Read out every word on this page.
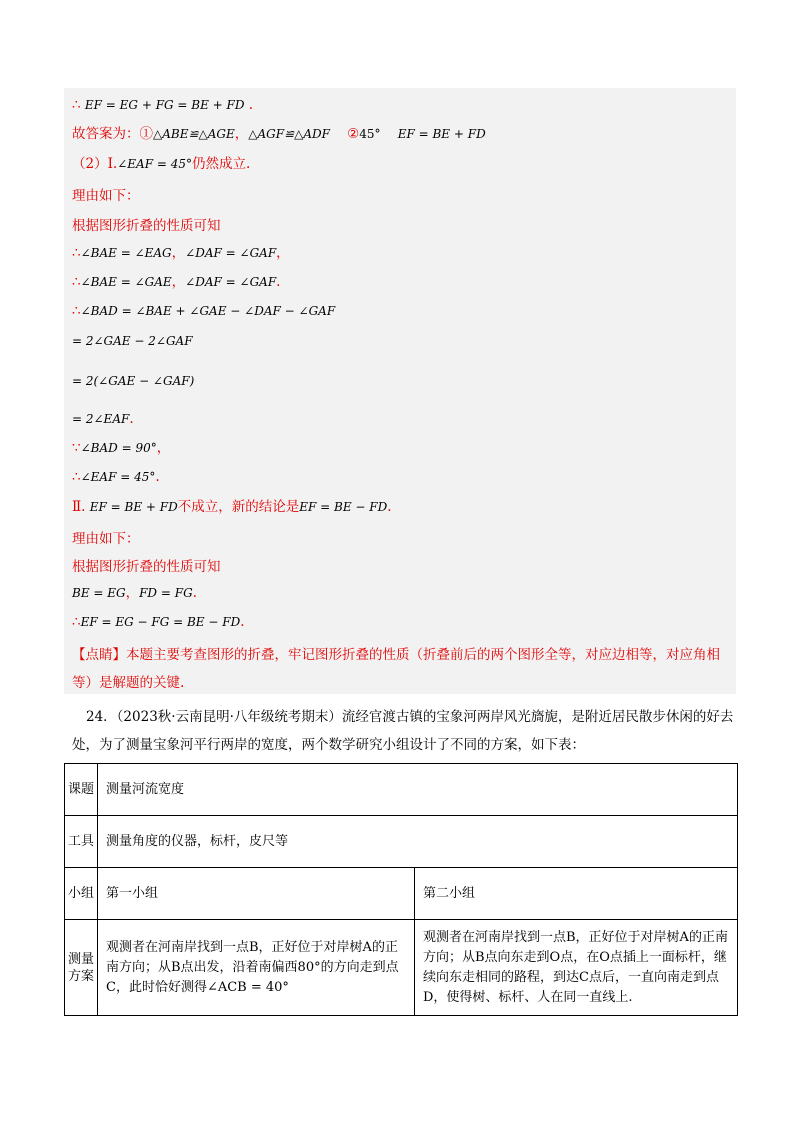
∴ EF = EG + FG = BE + FD .
故答案为：①△ABE≌△AGE，△AGF≌△ADF ②45° EF = BE + FD
（2）Ⅰ.∠EAF = 45°仍然成立.
理由如下：
根据图形折叠的性质可知
∴∠BAE = ∠EAG，∠DAF = ∠GAF，
∴∠BAE = ∠GAE，∠DAF = ∠GAF.
∴∠BAD = ∠BAE + ∠GAE − ∠DAF − ∠GAF
= 2∠GAE − 2∠GAF
= 2(∠GAE − ∠GAF)
= 2∠EAF.
∵∠BAD = 90°，
∴∠EAF = 45°.
Ⅱ. EF = BE + FD不成立，新的结论是EF = BE − FD.
理由如下：
根据图形折叠的性质可知
BE = EG，FD = FG.
∴EF = EG − FG = BE − FD.
【点睛】本题主要考查图形的折叠，牢记图形折叠的性质（折叠前后的两个图形全等，对应边相等，对应角相等）是解题的关键.
24．（2023秋·云南昆明·八年级统考期末）流经官渡古镇的宝象河两岸风光旖旎，是附近居民散步休闲的好去处，为了测量宝象河平行两岸的宽度，两个数学研究小组设计了不同的方案，如下表：
课题	测量河流宽度	
工具	测量角度的仪器，标杆，皮尺等	
小组	第一小组	第二小组
测量方案	观测者在河南岸找到一点B，正好位于对岸树A的正南方向；从B点出发，沿着南偏西80°的方向走到点C，此时恰好测得∠ACB = 40°	观测者在河南岸找到一点B，正好位于对岸树A的正南方向；从B点向东走到O点，在O点插上一面标杆，继续向东走相同的路程，到达C点后，一直向南走到点D，使得树、标杆、人在同一直线上.
